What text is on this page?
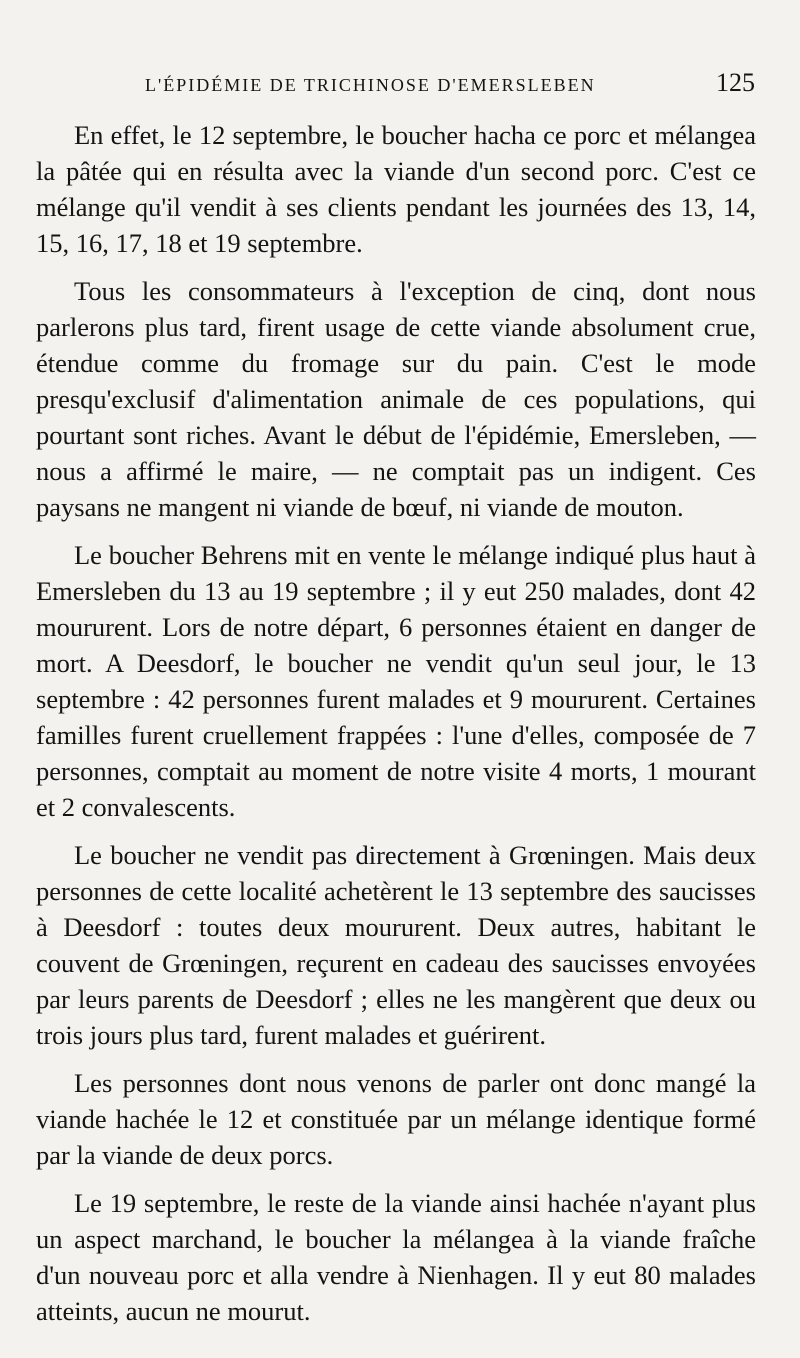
L'ÉPIDÉMIE DE TRICHINOSE D'EMERSLEBEN	125

En effet, le 12 septembre, le boucher hacha ce porc et mélangea la pâtée qui en résulta avec la viande d'un second porc. C'est ce mélange qu'il vendit à ses clients pendant les journées des 13, 14, 15, 16, 17, 18 et 19 septembre.

Tous les consommateurs à l'exception de cinq, dont nous parlerons plus tard, firent usage de cette viande absolument crue, étendue comme du fromage sur du pain. C'est le mode presqu'exclusif d'alimentation animale de ces populations, qui pourtant sont riches. Avant le début de l'épidémie, Emersleben, — nous a affirmé le maire, — ne comptait pas un indigent. Ces paysans ne mangent ni viande de bœuf, ni viande de mouton.

Le boucher Behrens mit en vente le mélange indiqué plus haut à Emersleben du 13 au 19 septembre ; il y eut 250 malades, dont 42 moururent. Lors de notre départ, 6 personnes étaient en danger de mort. A Deesdorf, le boucher ne vendit qu'un seul jour, le 13 septembre : 42 personnes furent malades et 9 moururent. Certaines familles furent cruellement frappées : l'une d'elles, composée de 7 personnes, comptait au moment de notre visite 4 morts, 1 mourant et 2 convalescents.

Le boucher ne vendit pas directement à Grœningen. Mais deux personnes de cette localité achetèrent le 13 septembre des saucisses à Deesdorf : toutes deux moururent. Deux autres, habitant le couvent de Grœningen, reçurent en cadeau des saucisses envoyées par leurs parents de Deesdorf ; elles ne les mangèrent que deux ou trois jours plus tard, furent malades et guérirent.

Les personnes dont nous venons de parler ont donc mangé la viande hachée le 12 et constituée par un mélange identique formé par la viande de deux porcs.

Le 19 septembre, le reste de la viande ainsi hachée n'ayant plus un aspect marchand, le boucher la mélangea à la viande fraîche d'un nouveau porc et alla vendre à Nienhagen. Il y eut 80 malades atteints, aucun ne mourut.
